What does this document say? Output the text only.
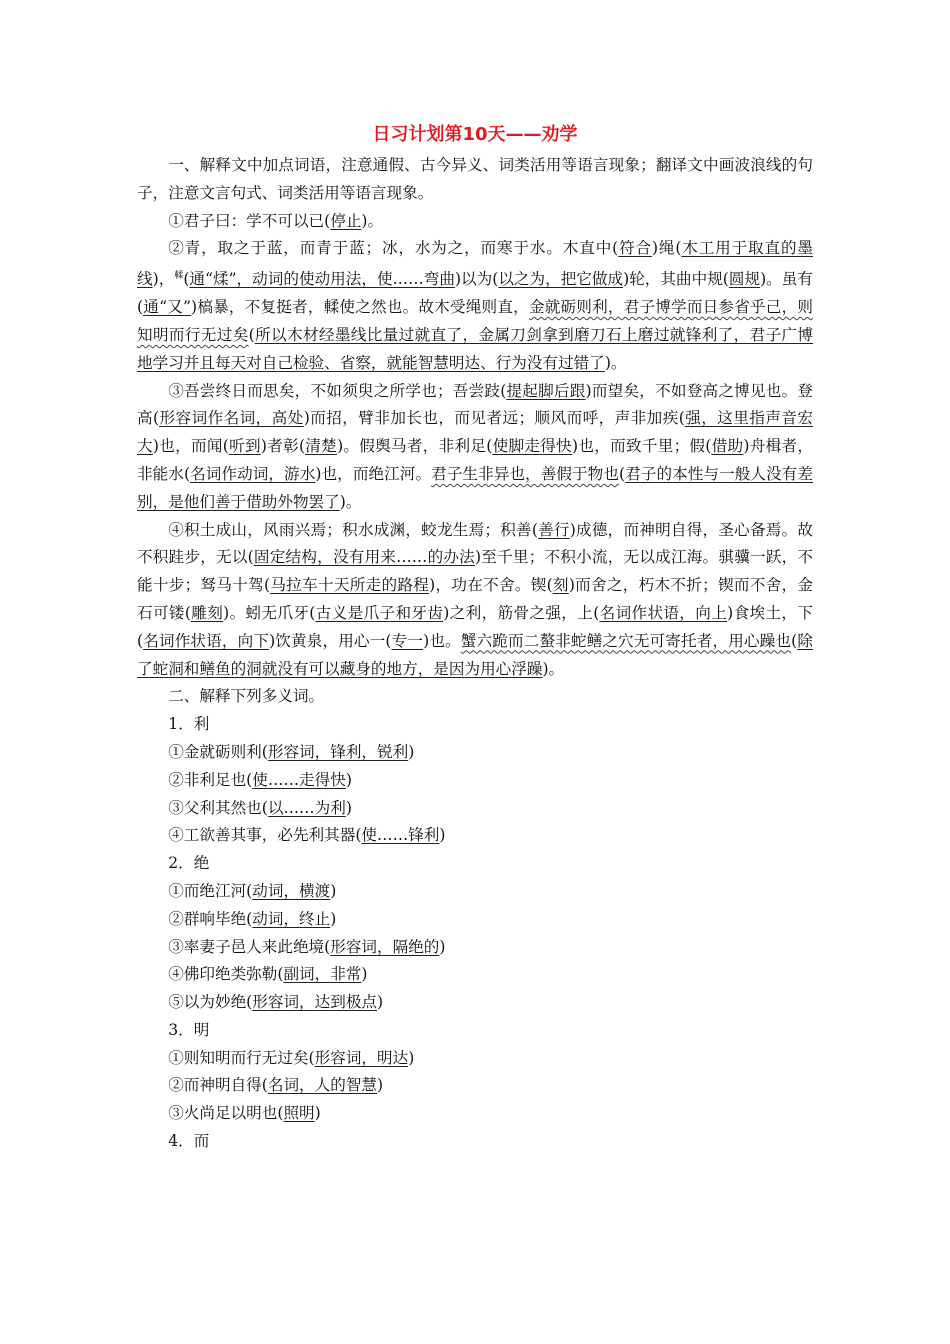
日习计划第10天——劝学

一、解释文中加点词语，注意通假、古今异义、词类活用等语言现象；翻译文中画波浪线的句子，注意文言句式、词类活用等语言现象。

①君子曰：学不可以已(停止)。

②青，取之于蓝，而青于蓝；冰，水为之，而寒于水。木直中(符合)绳(木工用于取直的墨线)，$^輮$(通“煣”，动词的使动用法，使……弯曲)以为(以之为，把它做成)轮，其曲中规(圆规)。虽有(通“又”)槁暴，不复挺者，輮使之然也。故木受绳则直，金就砺则利，君子博学而日参省乎己，则知明而行无过矣(所以木材经墨线比量过就直了，金属刀剑拿到磨刀石上磨过就锋利了，君子广博地学习并且每天对自己检验、省察，就能智慧明达、行为没有过错了)。

③吾尝终日而思矣，不如须臾之所学也；吾尝跂(提起脚后跟)而望矣，不如登高之博见也。登高(形容词作名词，高处)而招，臂非加长也，而见者远；顺风而呼，声非加疾(强，这里指声音宏大)也，而闻(听到)者彰(清楚)。假舆马者，非利足(使脚走得快)也，而致千里；假(借助)舟楫者，非能水(名词作动词，游水)也，而绝江河。君子生非异也，善假于物也(君子的本性与一般人没有差别，是他们善于借助外物罢了)。

④积土成山，风雨兴焉；积水成渊，蛟龙生焉；积善(善行)成德，而神明自得，圣心备焉。故不积跬步，无以(固定结构，没有用来……的办法)至千里；不积小流，无以成江海。骐骥一跃，不能十步；驽马十驾(马拉车十天所走的路程)，功在不舍。锲(刻)而舍之，朽木不折；锲而不舍，金石可镂(雕刻)。蚓无爪牙(古义是爪子和牙齿)之利，筋骨之强，上(名词作状语，向上)食埃土，下(名词作状语，向下)饮黄泉，用心一(专一)也。蟹六跪而二螯非蛇鳝之穴无可寄托者，用心躁也(除了蛇洞和鳝鱼的洞就没有可以藏身的地方，是因为用心浮躁)。

二、解释下列多义词。

1．利

①金就砺则利(形容词，锋利，锐利)

②非利足也(使……走得快)

③父利其然也(以……为利)

④工欲善其事，必先利其器(使……锋利)

2．绝

①而绝江河(动词，横渡)

②群响毕绝(动词，终止)

③率妻子邑人来此绝境(形容词，隔绝的)

④佛印绝类弥勒(副词，非常)

⑤以为妙绝(形容词，达到极点)

3．明

①则知明而行无过矣(形容词，明达)

②而神明自得(名词，人的智慧)

③火尚足以明也(照明)

4．而
